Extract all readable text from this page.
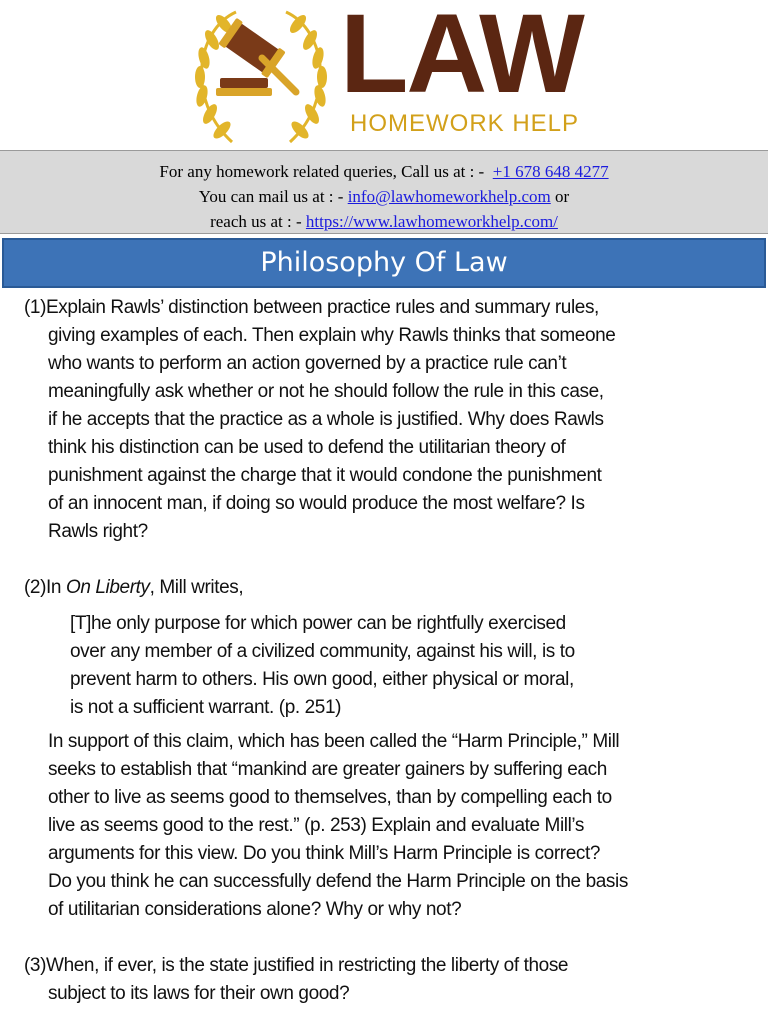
LAW
HOMEWORK HELP
For any homework related queries, Call us at : - +1 678 648 4277
You can mail us at : - info@lawhomeworkhelp.com or
reach us at : - https://www.lawhomeworkhelp.com/
Philosophy Of Law
(1)Explain Rawls’ distinction between practice rules and summary rules,
giving examples of each. Then explain why Rawls thinks that someone
who wants to perform an action governed by a practice rule can’t
meaningfully ask whether or not he should follow the rule in this case,
if he accepts that the practice as a whole is justified. Why does Rawls
think his distinction can be used to defend the utilitarian theory of
punishment against the charge that it would condone the punishment
of an innocent man, if doing so would produce the most welfare? Is
Rawls right?
(2)In On Liberty, Mill writes,
[T]he only purpose for which power can be rightfully exercised
over any member of a civilized community, against his will, is to
prevent harm to others. His own good, either physical or moral,
is not a sufficient warrant. (p. 251)
In support of this claim, which has been called the “Harm Principle,” Mill
seeks to establish that “mankind are greater gainers by suffering each
other to live as seems good to themselves, than by compelling each to
live as seems good to the rest.” (p. 253) Explain and evaluate Mill’s
arguments for this view. Do you think Mill’s Harm Principle is correct?
Do you think he can successfully defend the Harm Principle on the basis
of utilitarian considerations alone? Why or why not?
(3)When, if ever, is the state justified in restricting the liberty of those
subject to its laws for their own good?
